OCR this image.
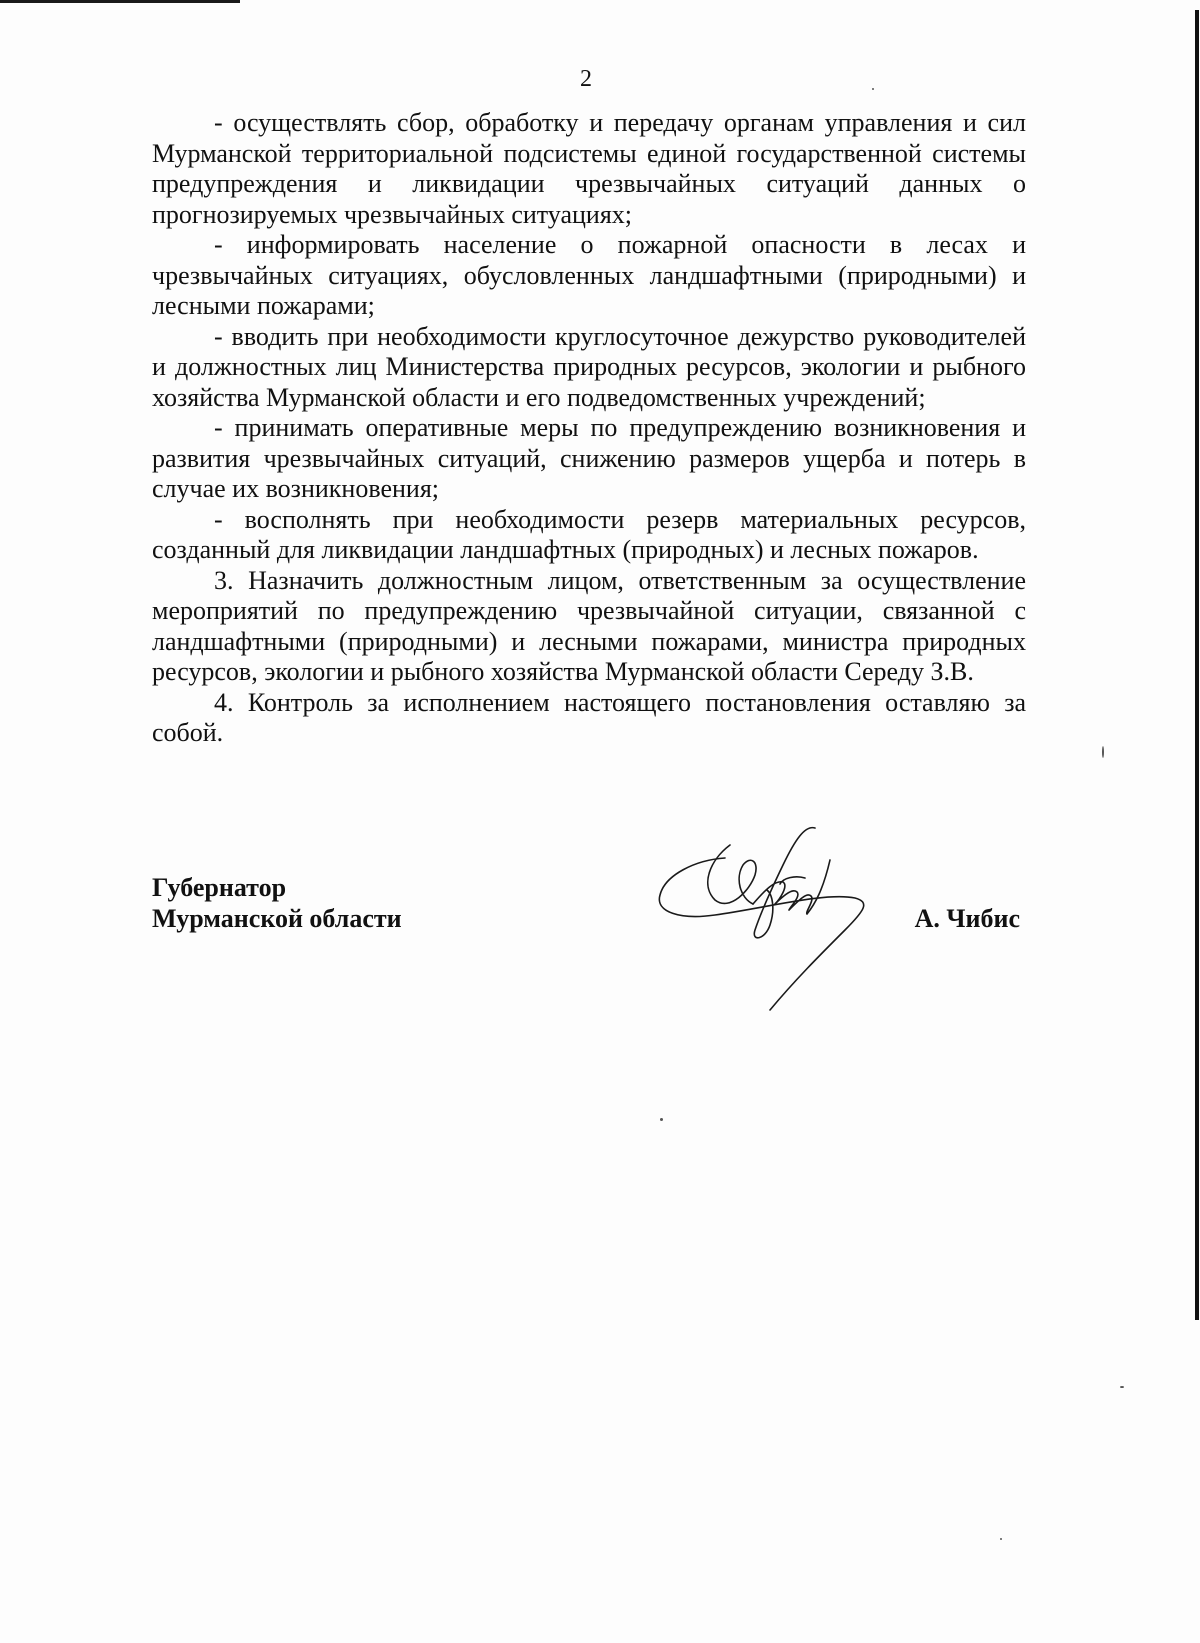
2

- осуществлять сбор, обработку и передачу органам управления и сил Мурманской территориальной подсистемы единой государственной системы предупреждения и ликвидации чрезвычайных ситуаций данных о прогнозируемых чрезвычайных ситуациях;

- информировать население о пожарной опасности в лесах и чрезвычайных ситуациях, обусловленных ландшафтными (природными) и лесными пожарами;

- вводить при необходимости круглосуточное дежурство руководителей и должностных лиц Министерства природных ресурсов, экологии и рыбного хозяйства Мурманской области и его подведомственных учреждений;

- принимать оперативные меры по предупреждению возникновения и развития чрезвычайных ситуаций, снижению размеров ущерба и потерь в случае их возникновения;

- восполнять при необходимости резерв материальных ресурсов, созданный для ликвидации ландшафтных (природных) и лесных пожаров.

3. Назначить должностным лицом, ответственным за осуществление мероприятий по предупреждению чрезвычайной ситуации, связанной с ландшафтными (природными) и лесными пожарами, министра природных ресурсов, экологии и рыбного хозяйства Мурманской области Середу З.В.

4. Контроль за исполнением настоящего постановления оставляю за собой.

Губернатор
Мурманской области	А. Чибис
